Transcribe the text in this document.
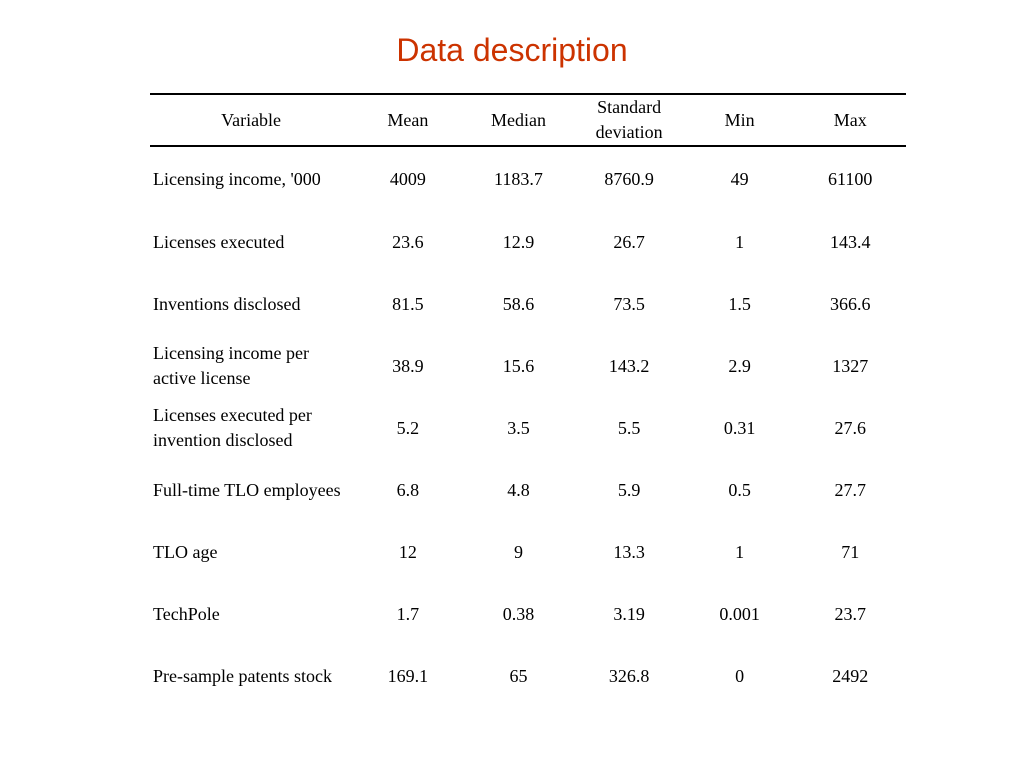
Data description
Variable	Mean	Median	Standard deviation	Min	Max
Licensing income, '000	4009	1183.7	8760.9	49	61100
Licenses executed	23.6	12.9	26.7	1	143.4
Inventions disclosed	81.5	58.6	73.5	1.5	366.6
Licensing income per active license	38.9	15.6	143.2	2.9	1327
Licenses executed per invention disclosed	5.2	3.5	5.5	0.31	27.6
Full-time TLO employees	6.8	4.8	5.9	0.5	27.7
TLO age	12	9	13.3	1	71
TechPole	1.7	0.38	3.19	0.001	23.7
Pre-sample patents stock	169.1	65	326.8	0	2492
